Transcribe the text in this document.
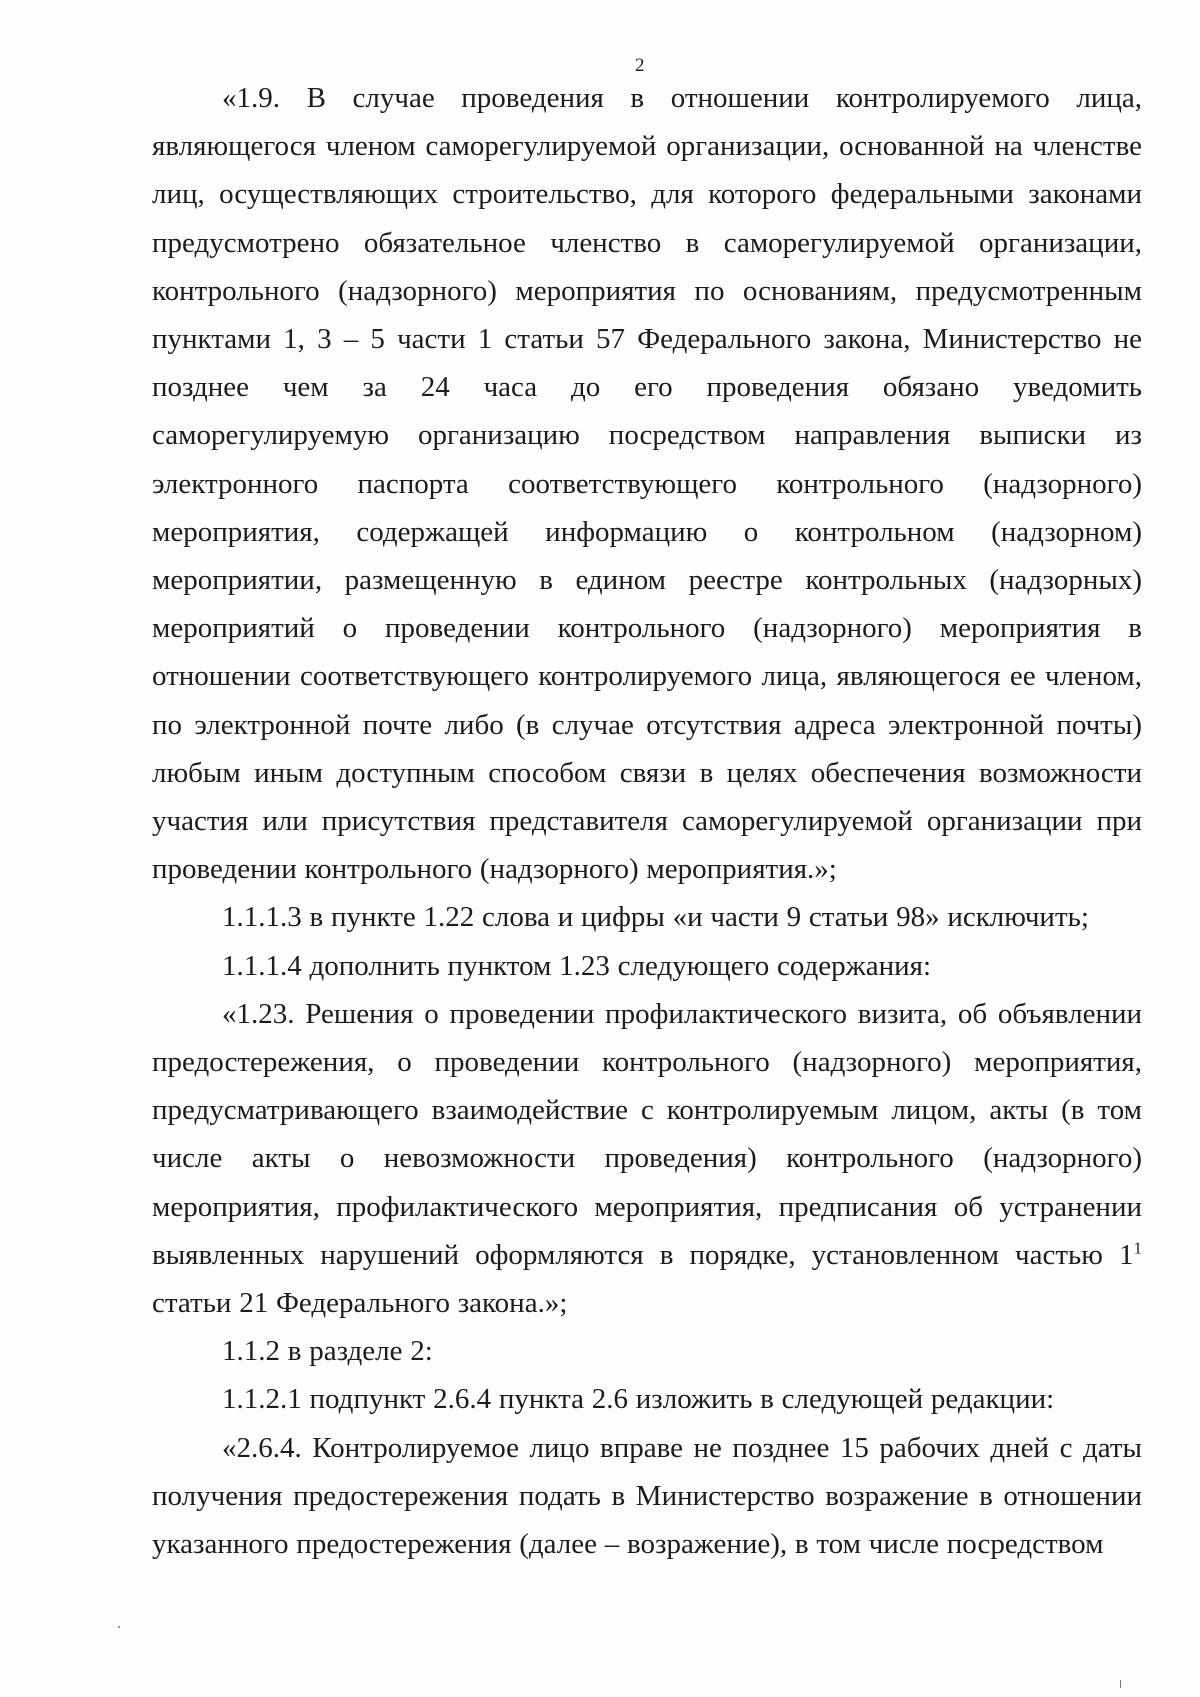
2

«1.9. В случае проведения в отношении контролируемого лица, являющегося членом саморегулируемой организации, основанной на членстве лиц, осуществляющих строительство, для которого федеральными законами предусмотрено обязательное членство в саморегулируемой организации, контрольного (надзорного) мероприятия по основаниям, предусмотренным пунктами 1, 3 – 5 части 1 статьи 57 Федерального закона, Министерство не позднее чем за 24 часа до его проведения обязано уведомить саморегулируемую организацию посредством направления выписки из электронного паспорта соответствующего контрольного (надзорного) мероприятия, содержащей информацию о контрольном (надзорном) мероприятии, размещенную в едином реестре контрольных (надзорных) мероприятий о проведении контрольного (надзорного) мероприятия в отношении соответствующего контролируемого лица, являющегося ее членом, по электронной почте либо (в случае отсутствия адреса электронной почты) любым иным доступным способом связи в целях обеспечения возможности участия или присутствия представителя саморегулируемой организации при проведении контрольного (надзорного) мероприятия.»;

1.1.1.3 в пункте 1.22 слова и цифры «и части 9 статьи 98» исключить;

1.1.1.4 дополнить пунктом 1.23 следующего содержания:

«1.23. Решения о проведении профилактического визита, об объявлении предостережения, о проведении контрольного (надзорного) мероприятия, предусматривающего взаимодействие с контролируемым лицом, акты (в том числе акты о невозможности проведения) контрольного (надзорного) мероприятия, профилактического мероприятия, предписания об устранении выявленных нарушений оформляются в порядке, установленном частью $1^1$ статьи 21 Федерального закона.»;

1.1.2 в разделе 2:

1.1.2.1 подпункт 2.6.4 пункта 2.6 изложить в следующей редакции:

«2.6.4. Контролируемое лицо вправе не позднее 15 рабочих дней с даты получения предостережения подать в Министерство возражение в отношении указанного предостережения (далее – возражение), в том числе посредством
